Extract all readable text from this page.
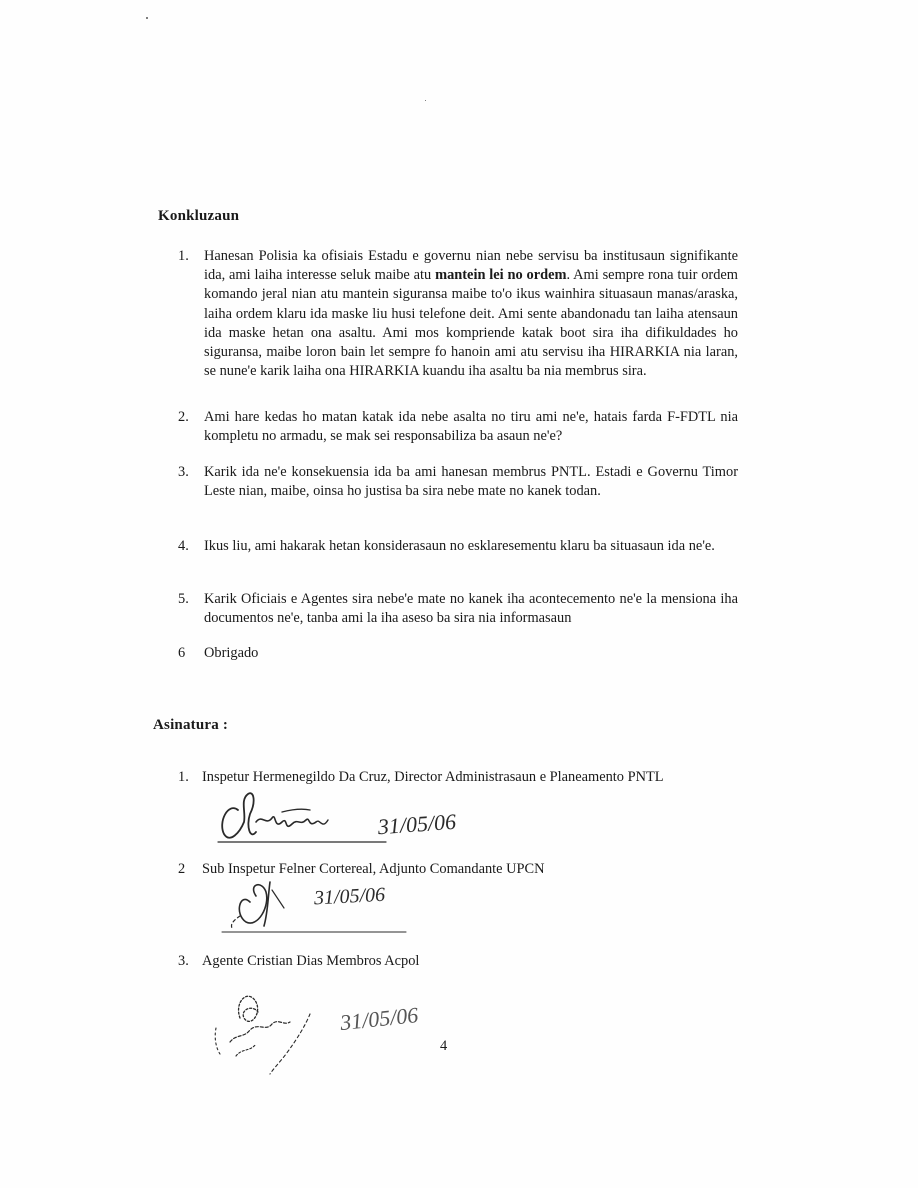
Konkluzaun
1.	Hanesan Polisia ka ofisiais Estadu e governu nian nebe servisu ba institusaun signifikante ida, ami laiha interesse seluk maibe atu mantein lei no ordem. Ami sempre rona tuir ordem komando jeral nian atu mantein siguransa maibe to'o ikus wainhira situasaun manas/araska, laiha ordem klaru ida maske liu husi telefone deit. Ami sente abandonadu tan laiha atensaun ida maske hetan ona asaltu. Ami mos kompriende katak boot sira iha difikuldades ho siguransa, maibe loron bain let sempre fo hanoin ami atu servisu iha HIRARKIA nia laran, se nune'e karik laiha ona HIRARKIA kuandu iha asaltu ba nia membrus sira.
2.	Ami hare kedas ho matan katak ida nebe asalta no tiru ami ne'e, hatais farda F-FDTL nia kompletu no armadu, se mak sei responsabiliza ba asaun ne'e?
3.	Karik ida ne'e konsekuensia ida ba ami hanesan membrus PNTL. Estadi e Governu Timor Leste nian, maibe, oinsa ho justisa ba sira nebe mate no kanek todan.
4.	Ikus liu, ami hakarak hetan konsiderasaun no esklaresementu klaru ba situasaun ida ne'e.
5.	Karik Oficiais e Agentes sira nebe'e mate no kanek iha acontecemento ne'e la mensiona iha documentos ne'e, tanba ami la iha aseso ba sira nia informasaun
6	Obrigado
Asinatura :
1. Inspetur Hermenegildo Da Cruz, Director Administrasaun e Planeamento PNTL
31/05/06
2 Sub Inspetur Felner Cortereal, Adjunto Comandante UPCN
31/05/06
3. Agente Cristian Dias Membros Acpol
31/05/06
4
